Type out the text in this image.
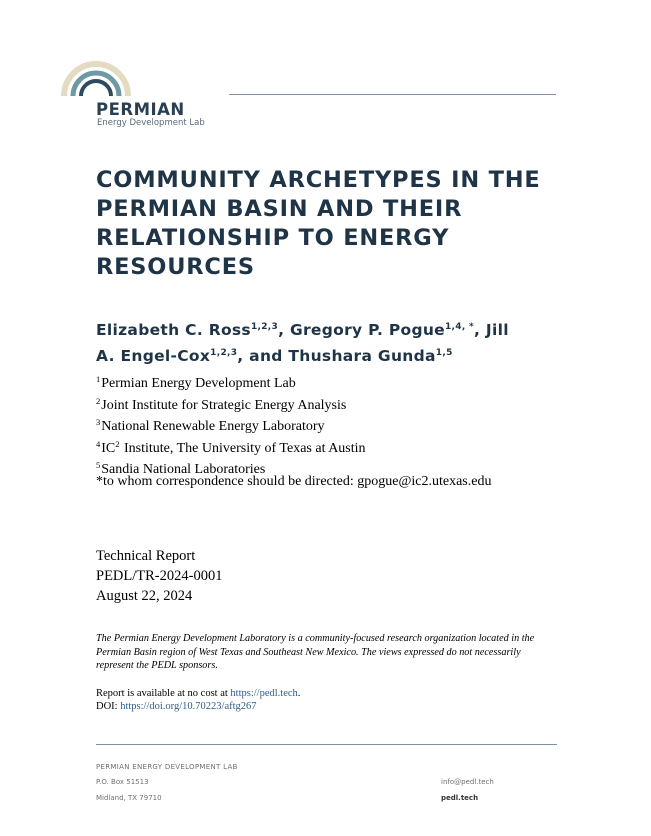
PERMIAN
Energy Development Lab
COMMUNITY ARCHETYPES IN THE
PERMIAN BASIN AND THEIR
RELATIONSHIP TO ENERGY
RESOURCES
Elizabeth C. Ross$^{1,2,3}$, Gregory P. Pogue$^{1,4, *}$, Jill
A. Engel-Cox$^{1,2,3}$, and Thushara Gunda$^{1,5}$
$^1$Permian Energy Development Lab
$^2$Joint Institute for Strategic Energy Analysis
$^3$National Renewable Energy Laboratory
$^4IC^2$ Institute, The University of Texas at Austin
$^5$Sandia National Laboratories
*to whom correspondence should be directed: gpogue@ic2.utexas.edu
Technical Report
PEDL/TR-2024-0001
August 22, 2024
The Permian Energy Development Laboratory is a community-focused research organization located in the Permian Basin region of West Texas and Southeast New Mexico. The views expressed do not necessarily represent the PEDL sponsors.
Report is available at no cost at https://pedl.tech.
DOI: https://doi.org/10.70223/aftg267
PERMIAN ENERGY DEVELOPMENT LAB
P.O. Box 51513
Midland, TX 79710
info@pedl.tech
pedl.tech
